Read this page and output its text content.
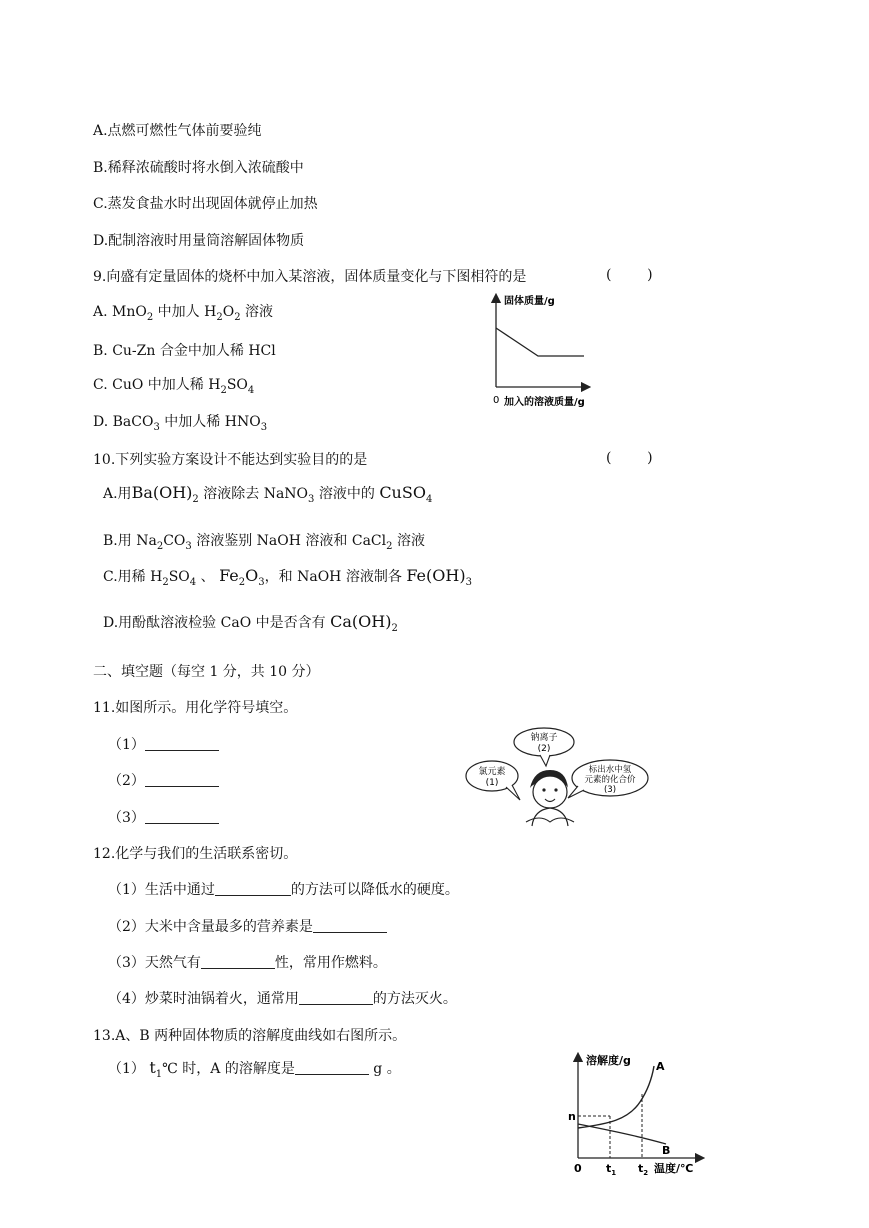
A.点燃可燃性气体前要验纯
B.稀释浓硫酸时将水倒入浓硫酸中
C.蒸发食盐水时出现固体就停止加热
D.配制溶液时用量筒溶解固体物质
9.向盛有定量固体的烧杯中加入某溶液，固体质量变化与下图相符的是	(        )
A. MnO$_2$ 中加人 $H_2O_2$ 溶液
B. Cu-Zn 合金中加人稀 HCl
C. CuO 中加人稀 $H_2SO_4$
D. BaCO$_3$ 中加人稀 $HNO_3$
固体质量/g
0 加入的溶液质量/g
10.下列实验方案设计不能达到实验目的的是	(        )
A.用$Ba(OH)_2$ 溶液除去 NaNO$_3$ 溶液中的 CuSO$_4$
B.用 $Na_2CO_3$ 溶液鉴别 NaOH 溶液和 CaCl$_2$ 溶液
C.用稀 $H_2SO_4$ 、 $Fe_2O_3$，和 NaOH 溶液制各 $Fe(OH)_3$
D.用酚酞溶液检验 CaO 中是否含有 $Ca(OH)_2$
二、填空题（每空 1 分，共 10 分）
11.如图所示。用化学符号填空。
（1）
（2）
（3）
钠离子
(2)
氯元素
(1)
标出水中氢
元素的化合价
(3)
12.化学与我们的生活联系密切。
（1）生活中通过	的方法可以降低水的硬度。
（2）大米中含量最多的营养素是
（3）天然气有	性，常用作燃料。
（4）炒菜时油锅着火，通常用	的方法灭火。
13.A、B 两种固体物质的溶解度曲线如右图所示。
（1） $t_1℃$ 时，A 的溶解度是	g 。
溶解度/g A
B
n
0 $t_1$ $t_2$ 温度/℃
